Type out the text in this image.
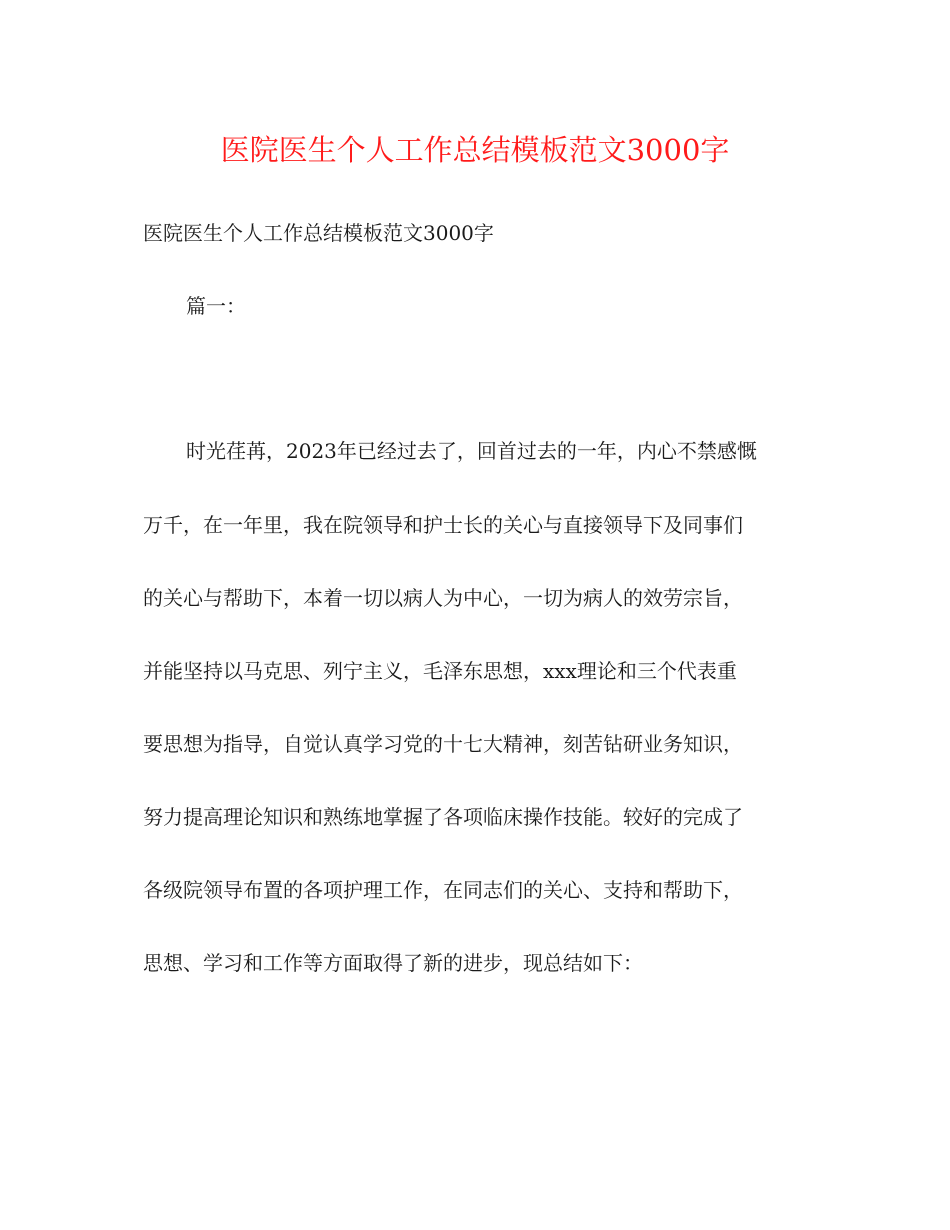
医院医生个人工作总结模板范文3000字
医院医生个人工作总结模板范文3000字
篇一：
时光荏苒，2023年已经过去了，回首过去的一年，内心不禁感慨
万千，在一年里，我在院领导和护士长的关心与直接领导下及同事们
的关心与帮助下，本着一切以病人为中心，一切为病人的效劳宗旨，
并能坚持以马克思、列宁主义，毛泽东思想，xxx理论和三个代表重
要思想为指导，自觉认真学习党的十七大精神，刻苦钻研业务知识，
努力提高理论知识和熟练地掌握了各项临床操作技能。较好的完成了
各级院领导布置的各项护理工作，在同志们的关心、支持和帮助下，
思想、学习和工作等方面取得了新的进步，现总结如下：
